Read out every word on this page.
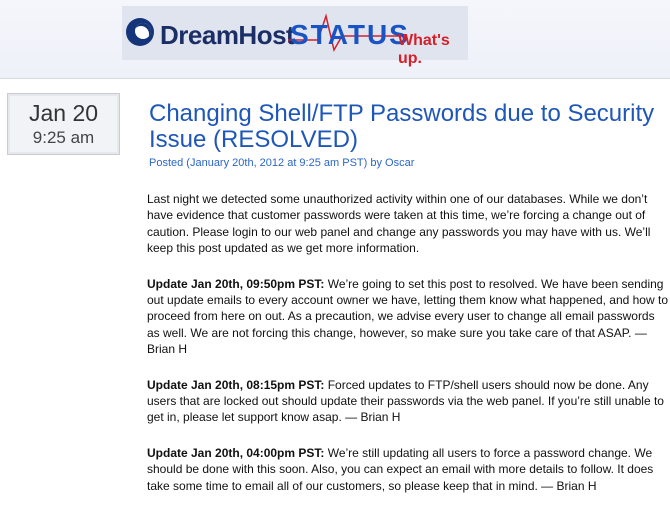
DreamHost
STATUS
What's up.
Jan 20
9:25 am
Changing Shell/FTP Passwords due to Security Issue (RESOLVED)
Posted (January 20th, 2012 at 9:25 am PST) by Oscar

Last night we detected some unauthorized activity within one of our databases. While we don’t have evidence that customer passwords were taken at this time, we’re forcing a change out of caution. Please login to our web panel and change any passwords you may have with us. We’ll keep this post updated as we get more information.

Update Jan 20th, 09:50pm PST: We’re going to set this post to resolved. We have been sending out update emails to every account owner we have, letting them know what happened, and how to proceed from here on out. As a precaution, we advise every user to change all email passwords as well. We are not forcing this change, however, so make sure you take care of that ASAP. — Brian H

Update Jan 20th, 08:15pm PST: Forced updates to FTP/shell users should now be done. Any users that are locked out should update their passwords via the web panel. If you’re still unable to get in, please let support know asap. — Brian H

Update Jan 20th, 04:00pm PST: We’re still updating all users to force a password change. We should be done with this soon. Also, you can expect an email with more details to follow. It does take some time to email all of our customers, so please keep that in mind. — Brian H
